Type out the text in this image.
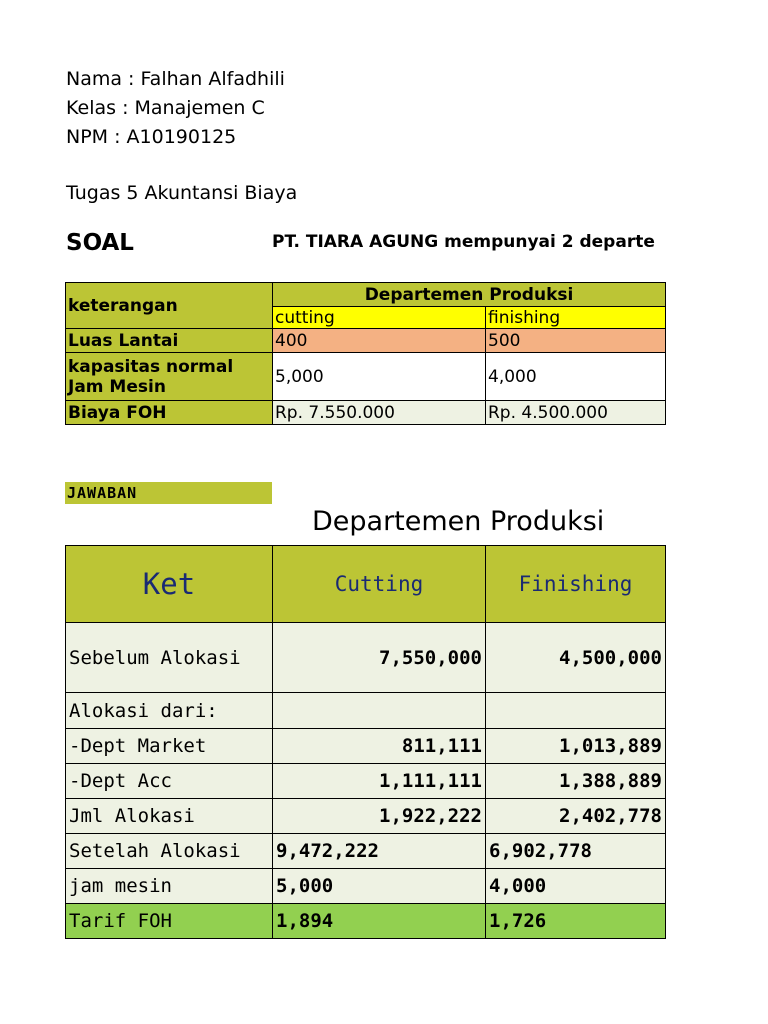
Nama : Falhan Alfadhili
Kelas : Manajemen C
NPM : A10190125
Tugas 5 Akuntansi Biaya
SOAL	PT. TIARA AGUNG mempunyai 2 departe
keterangan	Departemen Produksi	
	cutting	finishing
Luas Lantai	400	500

kapasitas normal
Jam Mesin	5,000	4,000
Biaya FOH	Rp. 7.550.000	Rp. 4.500.000
JAWABAN
Departemen Produksi
Ket	Cutting	Finishing
Sebelum Alokasi	7,550,000	4,500,000
Alokasi dari:		
-Dept Market	811,111	1,013,889
-Dept Acc	1,111,111	1,388,889
Jml Alokasi	1,922,222	2,402,778
Setelah Alokasi	9,472,222	6,902,778
jam mesin	5,000	4,000
Tarif FOH	1,894	1,726
